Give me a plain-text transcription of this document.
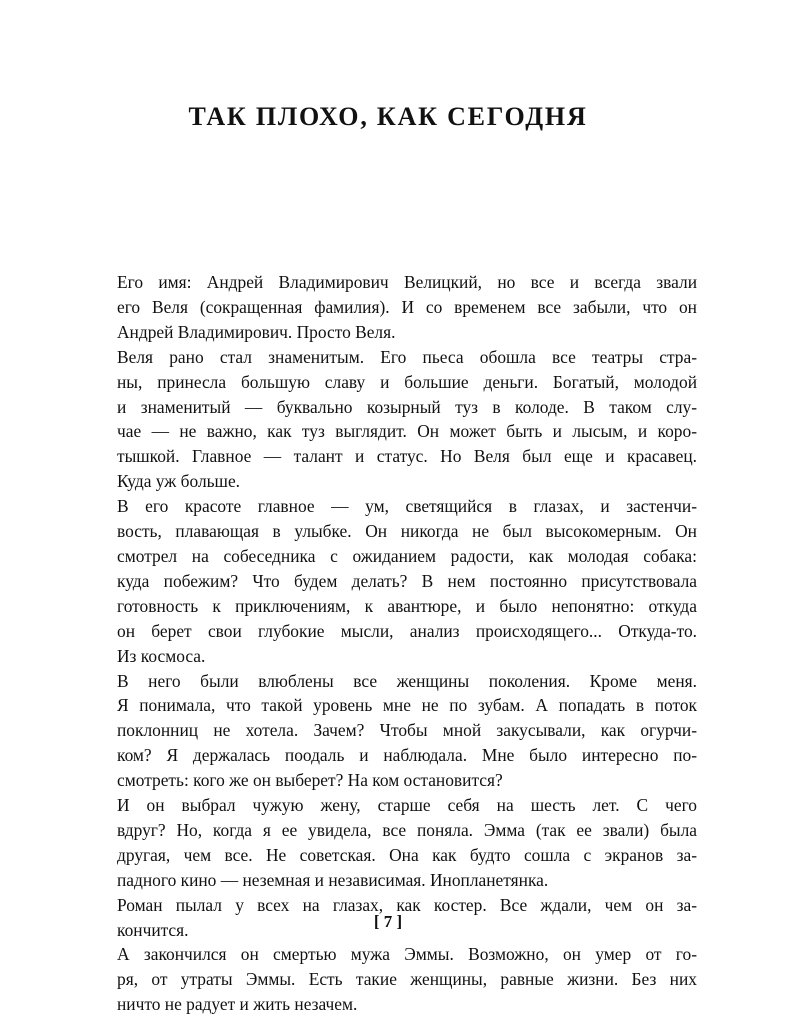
ТАК ПЛОХО, КАК СЕГОДНЯ

Его имя: Андрей Владимирович Велицкий, но все и всегда звали
его Веля (сокращенная фамилия). И со временем все забыли, что он
Андрей Владимирович. Просто Веля.

Веля рано стал знаменитым. Его пьеса обошла все театры стра-
ны, принесла большую славу и большие деньги. Богатый, молодой
и знаменитый — буквально козырный туз в колоде. В таком слу-
чае — не важно, как туз выглядит. Он может быть и лысым, и коро-
тышкой. Главное — талант и статус. Но Веля был еще и красавец.
Куда уж больше.

В его красоте главное — ум, светящийся в глазах, и застенчи-
вость, плавающая в улыбке. Он никогда не был высокомерным. Он
смотрел на собеседника с ожиданием радости, как молодая собака:
куда побежим? Что будем делать? В нем постоянно присутствовала
готовность к приключениям, к авантюре, и было непонятно: откуда
он берет свои глубокие мысли, анализ происходящего... Откуда-то.
Из космоса.

В него были влюблены все женщины поколения. Кроме меня.
Я понимала, что такой уровень мне не по зубам. А попадать в поток
поклонниц не хотела. Зачем? Чтобы мной закусывали, как огурчи-
ком? Я держалась поодаль и наблюдала. Мне было интересно по-
смотреть: кого же он выберет? На ком остановится?

И он выбрал чужую жену, старше себя на шесть лет. С чего
вдруг? Но, когда я ее увидела, все поняла. Эмма (так ее звали) была
другая, чем все. Не советская. Она как будто сошла с экранов за-
падного кино — неземная и независимая. Инопланетянка.

Роман пылал у всех на глазах, как костер. Все ждали, чем он за-
кончится.

А закончился он смертью мужа Эммы. Возможно, он умер от го-
ря, от утраты Эммы. Есть такие женщины, равные жизни. Без них
ничто не радует и жить незачем.

[ 7 ]
